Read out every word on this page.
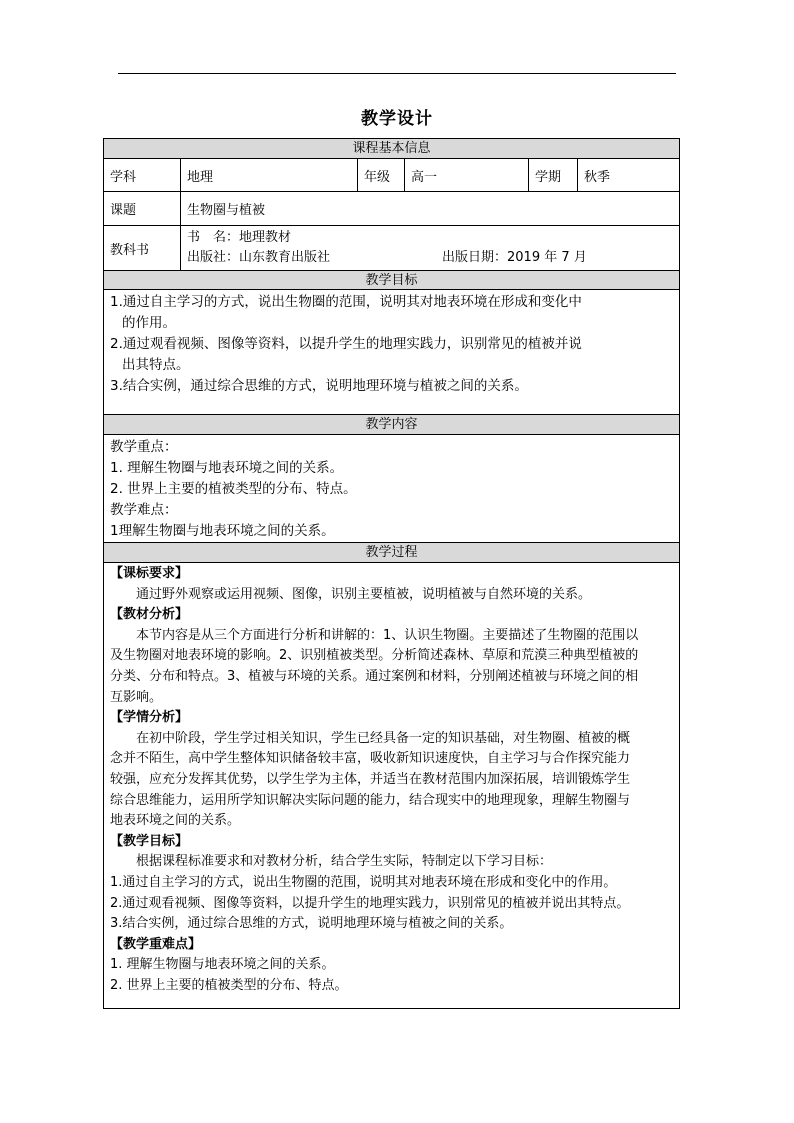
教学设计
课程基本信息
学科	地理	年级	高一	学期	秋季
课题	生物圈与植被
教科书
书　名：地理教材
出版社：山东教育出版社	出版日期：2019 年 7 月
教学目标
1.通过自主学习的方式，说出生物圈的范围，说明其对地表环境在形成和变化中
的作用。
2.通过观看视频、图像等资料，以提升学生的地理实践力，识别常见的植被并说
出其特点。
3.结合实例，通过综合思维的方式，说明地理环境与植被之间的关系。
教学内容
教学重点：
1. 理解生物圈与地表环境之间的关系。
2. 世界上主要的植被类型的分布、特点。
教学难点：
1理解生物圈与地表环境之间的关系。
教学过程
【课标要求】
通过野外观察或运用视频、图像，识别主要植被，说明植被与自然环境的关系。
【教材分析】
本节内容是从三个方面进行分析和讲解的：1、认识生物圈。主要描述了生物圈的范围以
及生物圈对地表环境的影响。2、识别植被类型。分析简述森林、草原和荒漠三种典型植被的
分类、分布和特点。3、植被与环境的关系。通过案例和材料，分别阐述植被与环境之间的相
互影响。
【学情分析】
在初中阶段，学生学过相关知识，学生已经具备一定的知识基础，对生物圈、植被的概
念并不陌生，高中学生整体知识储备较丰富，吸收新知识速度快，自主学习与合作探究能力
较强，应充分发挥其优势，以学生学为主体，并适当在教材范围内加深拓展，培训锻炼学生
综合思维能力，运用所学知识解决实际问题的能力，结合现实中的地理现象，理解生物圈与
地表环境之间的关系。
【教学目标】
根据课程标准要求和对教材分析，结合学生实际，特制定以下学习目标：
1.通过自主学习的方式，说出生物圈的范围，说明其对地表环境在形成和变化中的作用。
2.通过观看视频、图像等资料，以提升学生的地理实践力，识别常见的植被并说出其特点。
3.结合实例，通过综合思维的方式，说明地理环境与植被之间的关系。
【教学重难点】
1. 理解生物圈与地表环境之间的关系。
2. 世界上主要的植被类型的分布、特点。
